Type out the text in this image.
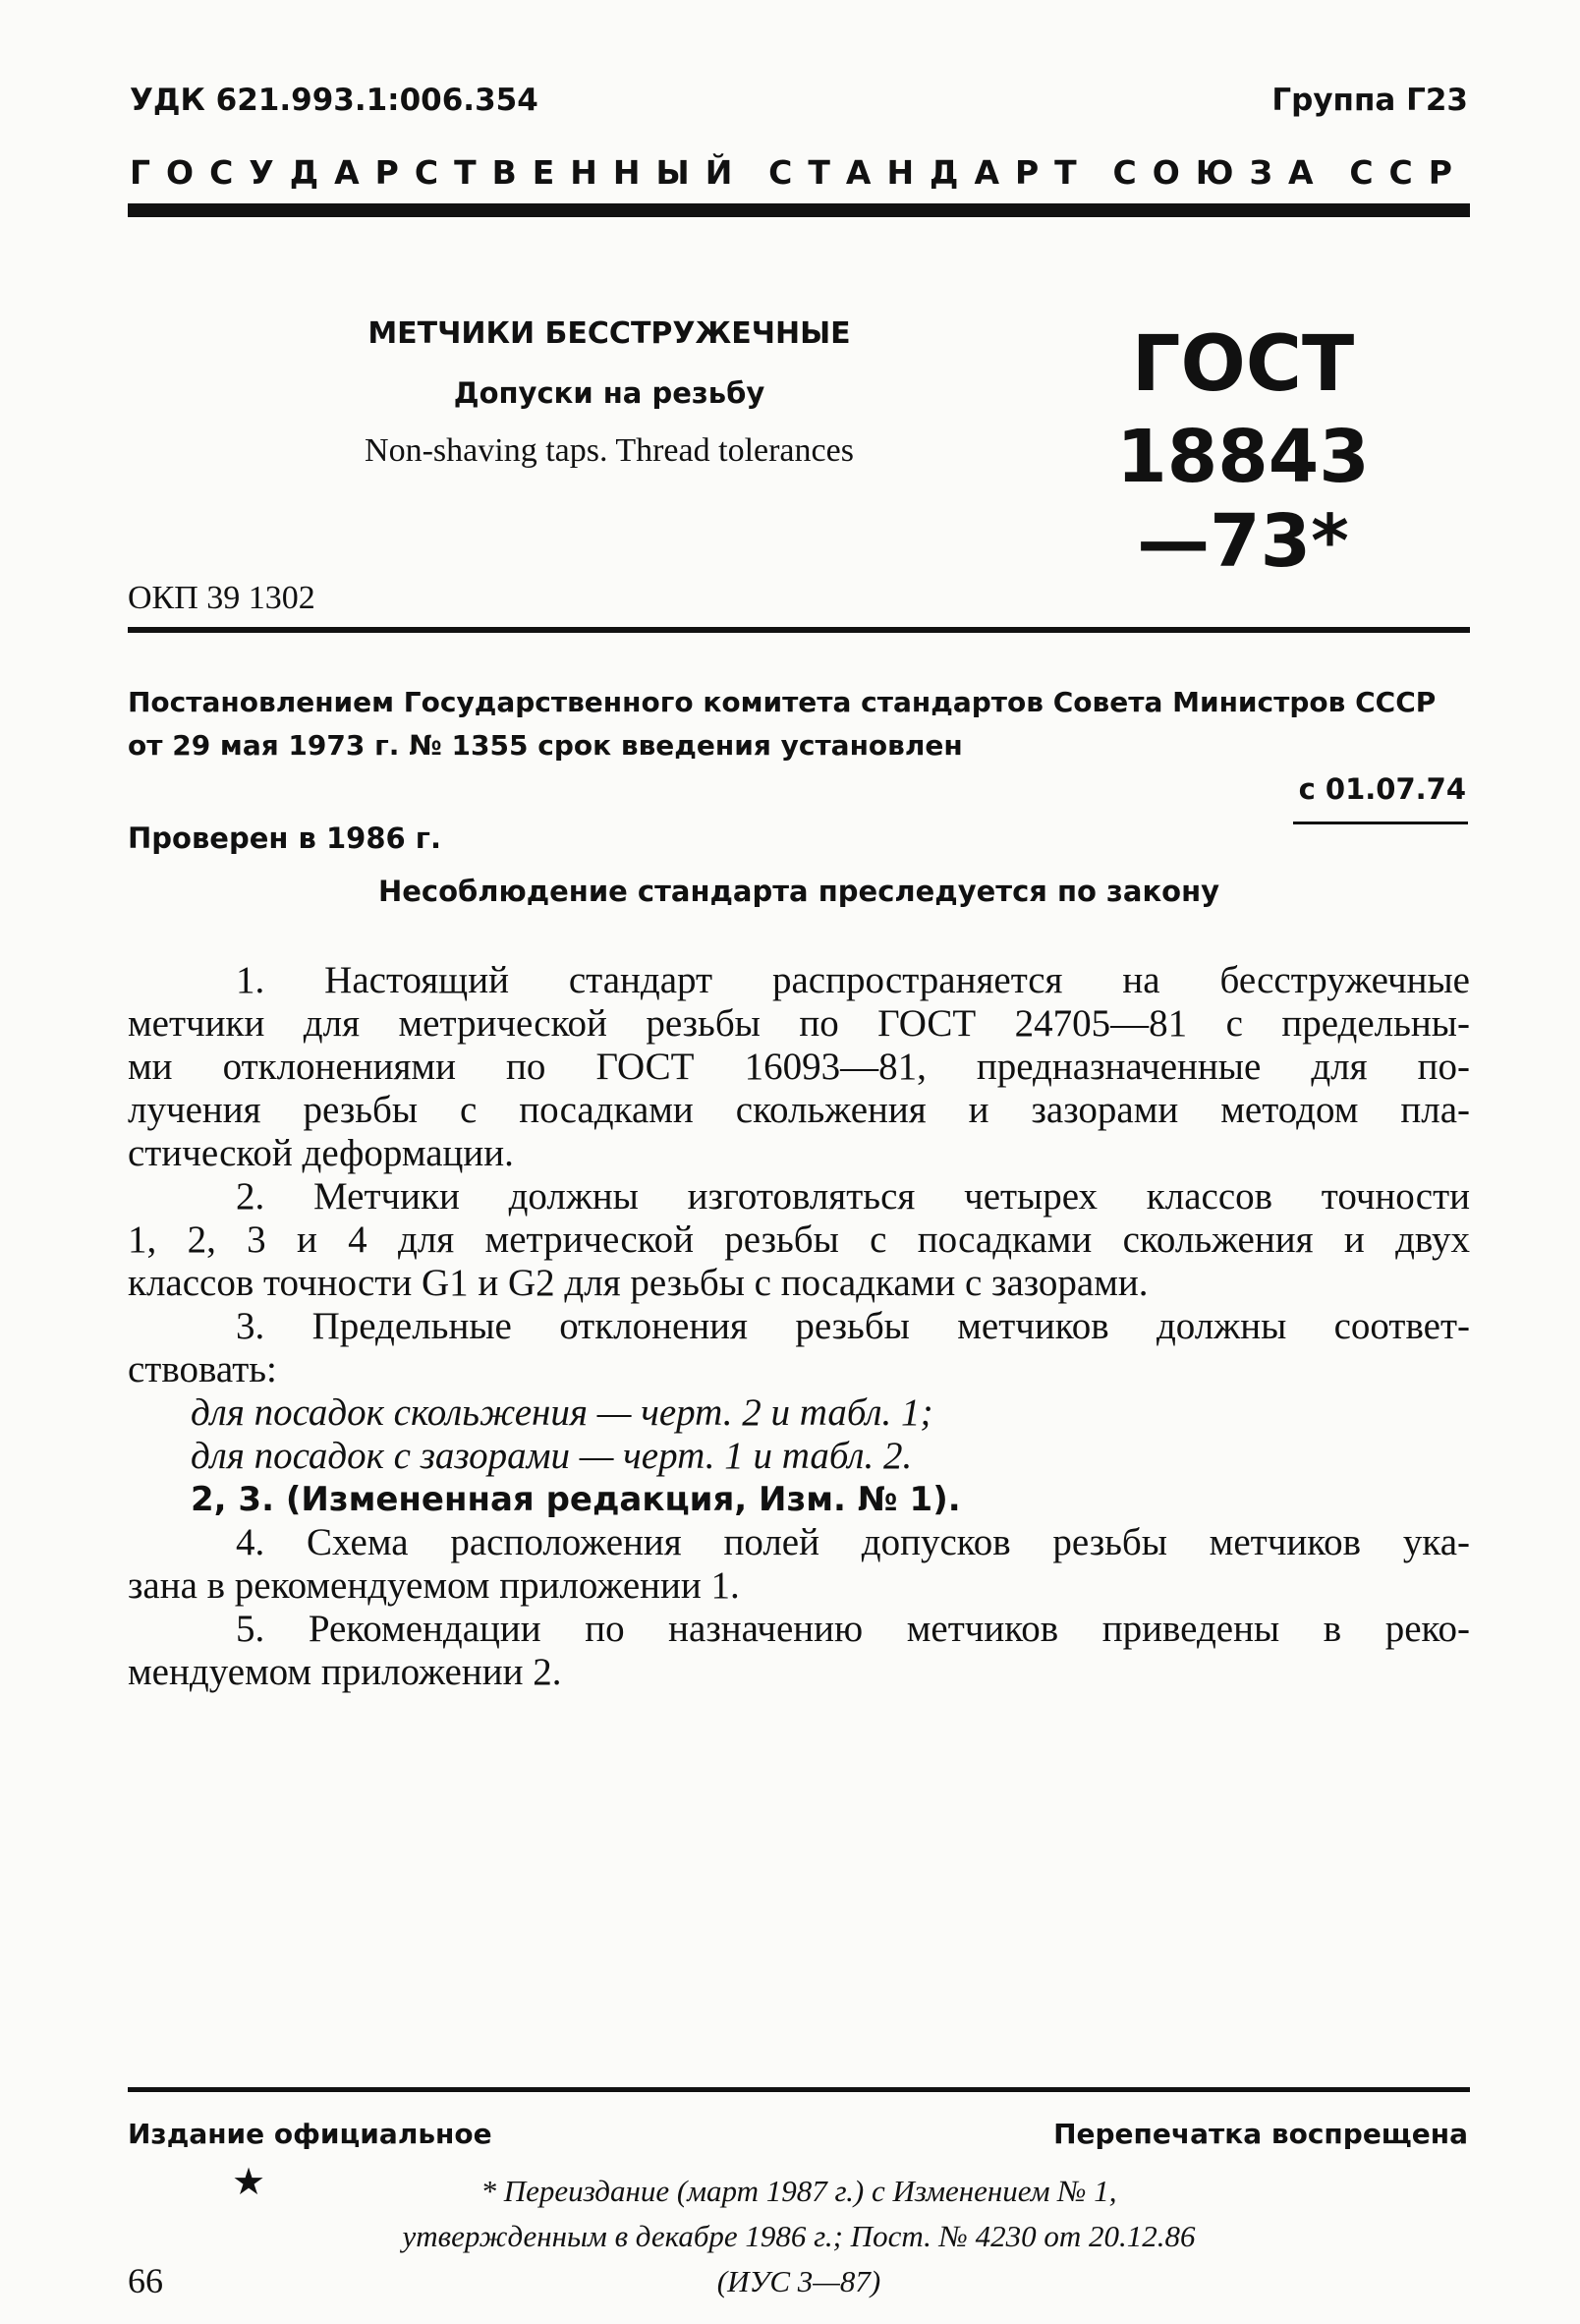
УДК 621.993.1:006.354	Группа Г23
ГОСУДАРСТВЕННЫЙ СТАНДАРТ СОЮЗА ССР
МЕТЧИКИ БЕССТРУЖЕЧНЫЕ
Допуски на резьбу
Non-shaving taps. Thread tolerances
ГОСТ
18843—73*
ОКП 39 1302
Постановлением Государственного комитета стандартов Совета Министров СССР
от 29 мая 1973 г. № 1355 срок введения установлен
с 01.07.74
Проверен в 1986 г.
Несоблюдение стандарта преследуется по закону
1. Настоящий стандарт распространяется на бесстружечные
метчики для метрической резьбы по ГОСТ 24705—81 с предельны-
ми отклонениями по ГОСТ 16093—81, предназначенные для по-
лучения резьбы с посадками скольжения и зазорами методом пла-
стической деформации.
2. Метчики должны изготовляться четырех классов точности
1, 2, 3 и 4 для метрической резьбы с посадками скольжения и двух
классов точности G1 и G2 для резьбы с посадками с зазорами.
3. Предельные отклонения резьбы метчиков должны соответ-
ствовать:
для посадок скольжения — черт. 2 и табл. 1;
для посадок с зазорами — черт. 1 и табл. 2.
2, 3. (Измененная редакция, Изм. № 1).
4. Схема расположения полей допусков резьбы метчиков ука-
зана в рекомендуемом приложении 1.
5. Рекомендации по назначению метчиков приведены в реко-
мендуемом приложении 2.
Издание официальное	Перепечатка воспрещена
★	* Переиздание (март 1987 г.) с Изменением № 1,
утвержденным в декабре 1986 г.; Пост. № 4230 от 20.12.86
(ИУС 3—87)
66
